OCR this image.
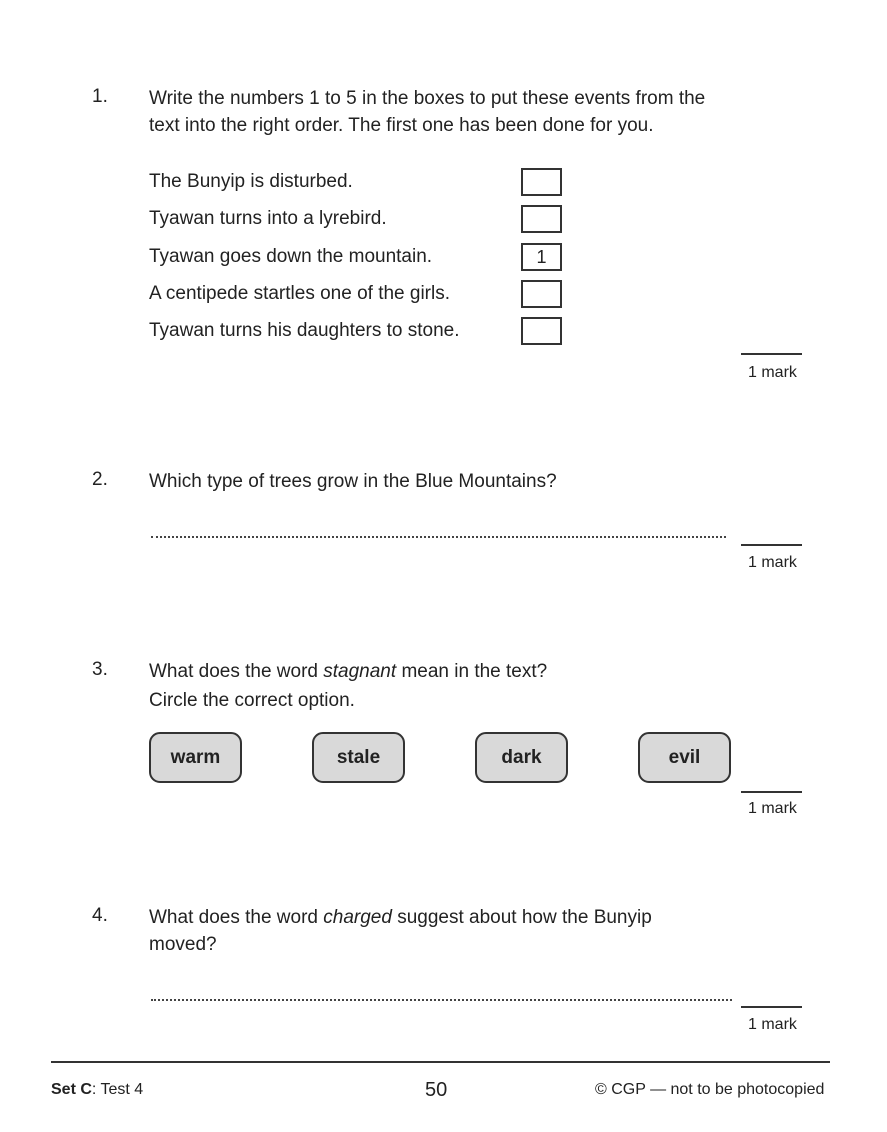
1. Write the numbers 1 to 5 in the boxes to put these events from the
text into the right order. The first one has been done for you.
The Bunyip is disturbed.
Tyawan turns into a lyrebird.
Tyawan goes down the mountain.	1
A centipede startles one of the girls.
Tyawan turns his daughters to stone.
1 mark
2. Which type of trees grow in the Blue Mountains?
1 mark
3. What does the word stagnant mean in the text?
Circle the correct option.
warm	stale	dark	evil
1 mark
4. What does the word charged suggest about how the Bunyip
moved?
1 mark
Set C: Test 4	50	© CGP — not to be photocopied
